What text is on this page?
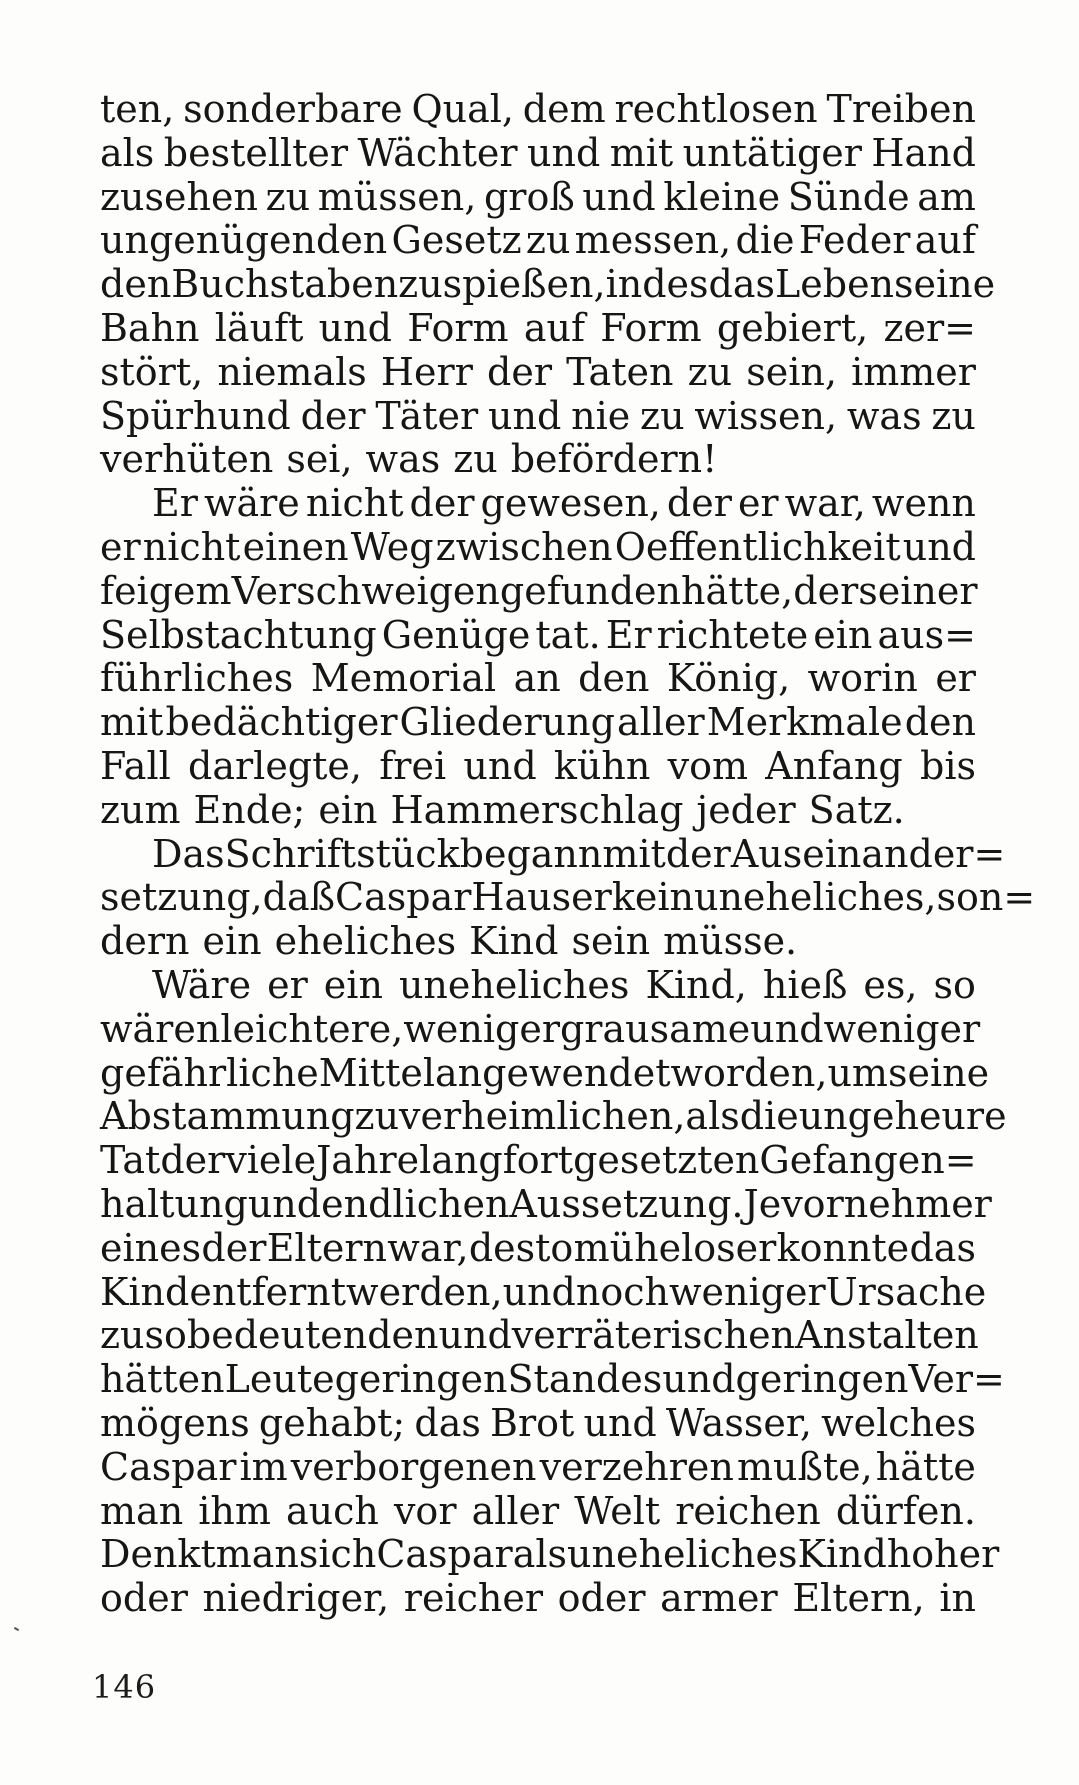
ten, sonderbare Qual, dem rechtlosen Treiben
als bestellter Wächter und mit untätiger Hand
zusehen zu müssen, groß und kleine Sünde am
ungenügenden Gesetz zu messen, die Feder auf
den Buchstaben zu spießen, indes das Leben seine
Bahn läuft und Form auf Form gebiert, zer=
stört, niemals Herr der Taten zu sein, immer
Spürhund der Täter und nie zu wissen, was zu
verhüten sei, was zu befördern!
Er wäre nicht der gewesen, der er war, wenn
er nicht einen Weg zwischen Oeffentlichkeit und
feigem Verschweigen gefunden hätte, der seiner
Selbstachtung Genüge tat. Er richtete ein aus=
führliches Memorial an den König, worin er
mit bedächtiger Gliederung aller Merkmale den
Fall darlegte, frei und kühn vom Anfang bis
zum Ende; ein Hammerschlag jeder Satz.
Das Schriftstück begann mit der Auseinander=
setzung, daß Caspar Hauser kein uneheliches, son=
dern ein eheliches Kind sein müsse.
Wäre er ein uneheliches Kind, hieß es, so
wären leichtere, weniger grausame und weniger
gefährliche Mittel angewendet worden, um seine
Abstammung zu verheimlichen, als die ungeheure
Tat der viele Jahre lang fortgesetzten Gefangen=
haltung und endlichen Aussetzung. Je vornehmer
eines der Eltern war, desto müheloser konnte das
Kind entfernt werden, und noch weniger Ursache
zu so bedeutenden und verräterischen Anstalten
hätten Leute geringen Standes und geringen Ver=
mögens gehabt; das Brot und Wasser, welches
Caspar im verborgenen verzehren mußte, hätte
man ihm auch vor aller Welt reichen dürfen.
Denkt man sich Caspar als uneheliches Kind hoher
oder niedriger, reicher oder armer Eltern, in
146
